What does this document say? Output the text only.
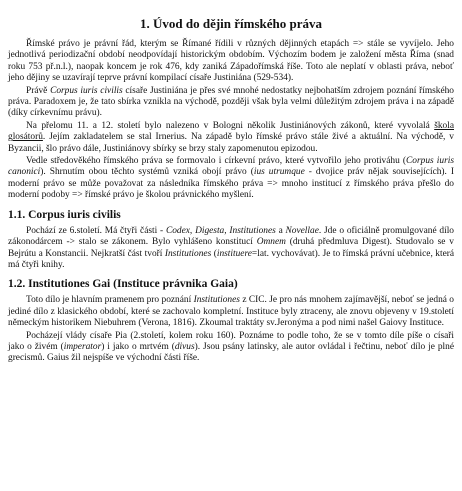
1. Úvod do dějin římského práva

Římské právo je právní řád, kterým se Římané řídili v různých dějinných etapách => stále se vyvíjelo. Jeho jednotlivá periodizační období neodpovídají historickým obdobím. Výchozím bodem je založení města Říma (snad roku 753 př.n.l.), naopak koncem je rok 476, kdy zaniká Západořímská říše. Toto ale neplatí v oblasti práva, neboť jeho dějiny se uzavírají teprve právní kompilací císaře Justiniána (529-534).

Právě Corpus iuris civilis císaře Justiniána je přes své mnohé nedostatky nejbohatším zdrojem poznání římského práva. Paradoxem je, že tato sbírka vznikla na východě, později však byla velmi důležitým zdrojem práva i na západě (díky církevnímu právu).

Na přelomu 11. a 12. století bylo nalezeno v Bologni několik Justiniánových zákonů, které vyvolalá škola glosátorů. Jejím zakladatelem se stal Irnerius. Na západě bylo římské právo stále živé a aktuální. Na východě, v Byzancii, šlo právo dále, Justiniánovy sbírky se brzy staly zapomenutou epizodou.

Vedle středověkého římského práva se formovalo i církevní právo, které vytvořilo jeho protiváhu (Corpus iuris canonici). Shrnutím obou těchto systémů vzniká obojí právo (ius utrumque - dvojice práv nějak souvisejících). I moderní právo se může považovat za následníka římského práva => mnoho institucí z římského práva přešlo do moderní podoby => římské právo je školou právnického myšlení.

1.1. Corpus iuris civilis

Pochází ze 6.století. Má čtyři části - Codex, Digesta, Institutiones a Novellae. Jde o oficiálně promulgované dílo zákonodárcem -> stalo se zákonem. Bylo vyhlášeno konstitucí Omnem (druhá předmluva Digest). Studovalo se v Bejrútu a Konstancii. Nejkratší část tvoří Institutiones (instituere=lat. vychovávat). Je to římská právní učebnice, která má čtyři knihy.

1.2. Institutiones Gai (Instituce právnika Gaia)

Toto dílo je hlavním pramenem pro poznání Institutiones z CIC. Je pro nás mnohem zajímavější, neboť se jedná o jediné dílo z klasického období, které se zachovalo kompletní. Instituce byly ztraceny, ale znovu objeveny v 19.století německým historikem Niebuhrem (Verona, 1816). Zkoumal traktáty sv.Jeronýma a pod nimi našel Gaiovy Instituce.

Pocházejí vlády císaře Pia (2.století, kolem roku 160). Poznáme to podle toho, že se v tomto díle píše o císaři jako o živém (imperator) i jako o mrtvém (divus). Jsou psány latinsky, ale autor ovládal i řečtinu, neboť dílo je plné grecismů. Gaius žil nejspíše ve východní části říše.
